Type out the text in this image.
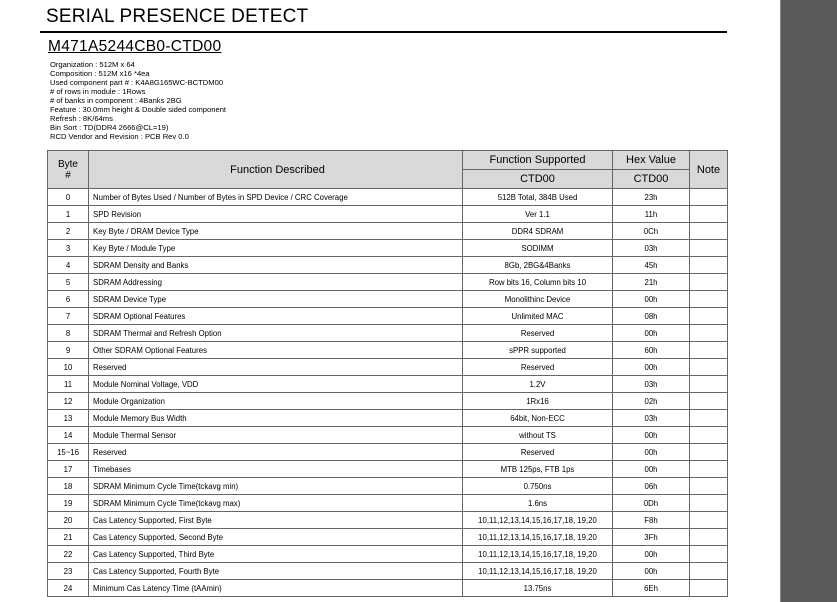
SERIAL PRESENCE DETECT
M471A5244CB0-CTD00
Organization : 512M x 64
Composition : 512M x16 *4ea
Used component part # : K4A8G165WC-BCTDM00
# of rows in module : 1Rows
# of banks in component : 4Banks 2BG
Feature : 30.0mm height & Double sided component
Refresh : 8K/64ms
Bin Sort : TD(DDR4 2666@CL=19)
RCD Vendor and Revision : PCB Rev 0.0
Byte
#	Function Described	Function Supported	Hex Value	Note
		CTD00	CTD00	
0	Number of Bytes Used / Number of Bytes in SPD Device / CRC Coverage	512B Total, 384B Used	23h	
1	SPD Revision	Ver 1.1	11h	
2	Key Byte / DRAM Device Type	DDR4 SDRAM	0Ch	
3	Key Byte / Module Type	SODIMM	03h	
4	SDRAM Density and Banks	8Gb, 2BG&4Banks	45h	
5	SDRAM Addressing	Row bits 16, Column bits 10	21h	
6	SDRAM Device Type	Monolithinc Device	00h	
7	SDRAM Optional Features	Unlimited MAC	08h	
8	SDRAM Thermal and Refresh Option	Reserved	00h	
9	Other SDRAM Optional Features	sPPR supported	60h	
10	Reserved	Reserved	00h	
11	Module Nominal Voltage, VDD	1.2V	03h	
12	Module Organization	1Rx16	02h	
13	Module Memory Bus Width	64bit, Non-ECC	03h	
14	Module Thermal Sensor	without TS	00h	
15~16	Reserved	Reserved	00h	
17	Timebases	MTB 125ps, FTB 1ps	00h	
18	SDRAM Minimum Cycle Time(tckavg min)	0.750ns	06h	
19	SDRAM Minimum Cycle Time(tckavg max)	1.6ns	0Dh	
20	Cas Latency Supported, First Byte	10,11,12,13,14,15,16,17,18, 19,20	F8h	
21	Cas Latency Supported, Second Byte	10,11,12,13,14,15,16,17,18, 19,20	3Fh	
22	Cas Latency Supported, Third Byte	10,11,12,13,14,15,16,17,18, 19,20	00h	
23	Cas Latency Supported, Fourth Byte	10,11,12,13,14,15,16,17,18, 19,20	00h	
24	Minimum Cas Latency Time (tAAmin)	13.75ns	6Eh	
